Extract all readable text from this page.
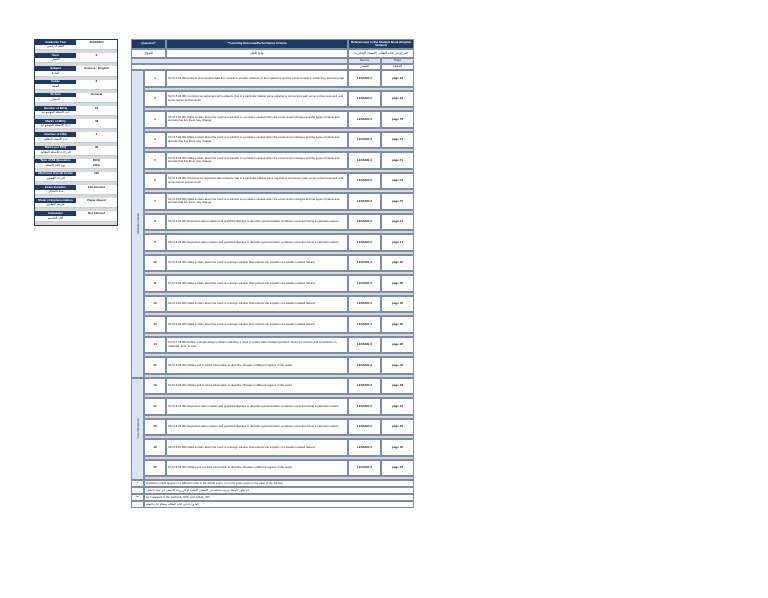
Academic Year	2023/2024
العام الدراسي
Term	3
الفصل
Subject	Science - English
المادة
Grade	6
الصف
Stream	General
المسار
Number of MCQ	16
عدد الأسئلة الموضوعية
Marks of MCQ	48
درجة الأسئلة الموضوعية
Number of FRQ	4
عدد الأسئلة المقالية
Marks per FRQ	40
الدرجات للأسئلة المقالية
Type of All Questions	MCQ
نوع كافة الأسئلة	FRQ
Maximum Overall Grade	100
الدرجة القصوى
Exam Duration	120 minutes
مدة الامتحان
Mode of Implementation	Paper-Based
طريقة التطبيق
Calculator	Not Allowed
الآلة الحاسبة
Question*	**Learning Outcome/Performance Criteria	Reference(s) in the Student Book (English Version)
السؤال	نواتج التعلم	المرجع في كتاب الطالب (النسخة الإنجليزية)
Source	Page
المصدر	الصفحة
1	SCI.6.4.02.002 Analyze and interpret data from fossils to provide evidence of the organisms and the environments in which they lived long ago.	LESSON 2	page 94
2	SCI.6.5.02.001 Construct an argument with evidence that in a particular habitat some organisms can survive well, some survive less well, and some cannot survive at all.	LESSON 2	page 94
3	SCI.6.5.03.001 Make a claim about the merit of a solution to a problem caused when the environment changes and the types of plants and animals that live there may change.	LESSON 3	page 75
4	SCI.6.5.03.001 Make a claim about the merit of a solution to a problem caused when the environment changes and the types of plants and animals that live there may change.	LESSON 3	page 74
5	SCI.6.5.03.001 Make a claim about the merit of a solution to a problem caused when the environment changes and the types of plants and animals that live there may change.	LESSON 3	page 74
6	SCI.6.5.02.001 Construct an argument with evidence that in a particular habitat some organisms can survive well, some survive less well, and some cannot survive at all.	LESSON 2	page 74
7	SCI.6.5.03.001 Make a claim about the merit of a solution to a problem caused when the environment changes and the types of plants and animals that live there may change.	LESSON 3	page 75
8	SCI.6.6.01.001 Represent data in tables and graphical displays to describe typical weather conditions expected during a particular season.	LESSON 2	page 11
9	SCI.6.6.01.001 Represent data in tables and graphical displays to describe typical weather conditions expected during a particular season.	LESSON 2	page 11
10	SCI.6.6.02.001 Make a claim about the merit of a design solution that reduces the impacts of a weather-related hazard.	LESSON 3	page 30
11	SCI.6.6.02.001 Make a claim about the merit of a design solution that reduces the impacts of a weather-related hazard.	LESSON 3	page 30
12	SCI.6.6.02.001 Make a claim about the merit of a design solution that reduces the impacts of a weather-related hazard.	LESSON 3	page 30
13	SCI.6.6.02.001 Make a claim about the merit of a design solution that reduces the impacts of a weather-related hazard.	LESSON 3	page 35
14	SCI.6.7.03.001 Define a simple design problem reflecting a need or a want that includes specified criteria for success and constraints on materials, time, or cost.	LESSON 3	page 38
15	SCI.6.6.03.001 Obtain and combine information to describe climates in different regions of the world.	LESSON 3	page 40
Multiple Choice
16	SCI.6.6.03.001 Obtain and combine information to describe climates in different regions of the world.	LESSON 3	page 53
17	SCI.6.6.01.001 Represent data in tables and graphical displays to describe typical weather conditions expected during a particular season.	LESSON 2	page 27
18	SCI.6.6.01.001 Represent data in tables and graphical displays to describe typical weather conditions expected during a particular season.	LESSON 2	page 29
19	SCI.6.6.02.001 Make a claim about the merit of a design solution that reduces the impacts of a weather-related hazard.	LESSON 3	page 30
20	SCI.6.6.03.001 Obtain and combine information to describe climates in different regions of the world.	LESSON 3	page 53
Free Response
*	Questions might appear in a different order in the actual exam, or on the exam paper in the case of the SA test.
قد تظهر الأسئلة بترتيب مختلف في الامتحان الفعلي، أو في ورقة الامتحان في حالة الاختبار.
**	As it appears in the textbook, LMS, and (Q&As_SP)
كما وردت في كتاب الطالب ونظام إدارة التعلم
